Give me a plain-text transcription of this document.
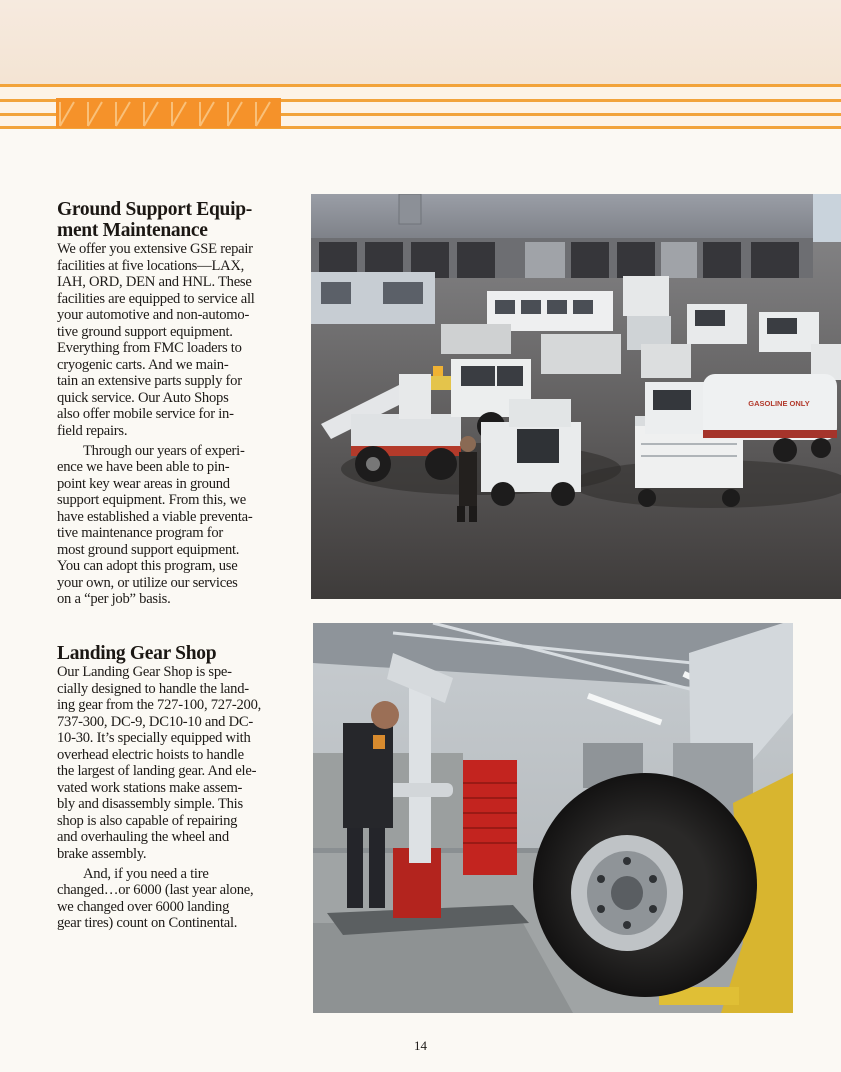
Ground Support Equip-
ment Maintenance

We offer you extensive GSE repair
facilities at five locations—LAX,
IAH, ORD, DEN and HNL. These
facilities are equipped to service all
your automotive and non-automo-
tive ground support equipment.
Everything from FMC loaders to
cryogenic carts. And we main-
tain an extensive parts supply for
quick service. Our Auto Shops
also offer mobile service for in-
field repairs.

Through our years of experi-
ence we have been able to pin-
point key wear areas in ground
support equipment. From this, we
have established a viable preventa-
tive maintenance program for
most ground support equipment.
You can adopt this program, use
your own, or utilize our services
on a “per job” basis.

Landing Gear Shop

Our Landing Gear Shop is spe-
cially designed to handle the land-
ing gear from the 727-100, 727-200,
737-300, DC-9, DC10-10 and DC-
10-30. It’s specially equipped with
overhead electric hoists to handle
the largest of landing gear. And ele-
vated work stations make assem-
bly and disassembly simple. This
shop is also capable of repairing
and overhauling the wheel and
brake assembly.

And, if you need a tire
changed…or 6000 (last year alone,
we changed over 6000 landing
gear tires) count on Continental.

GASOLINE ONLY
14
